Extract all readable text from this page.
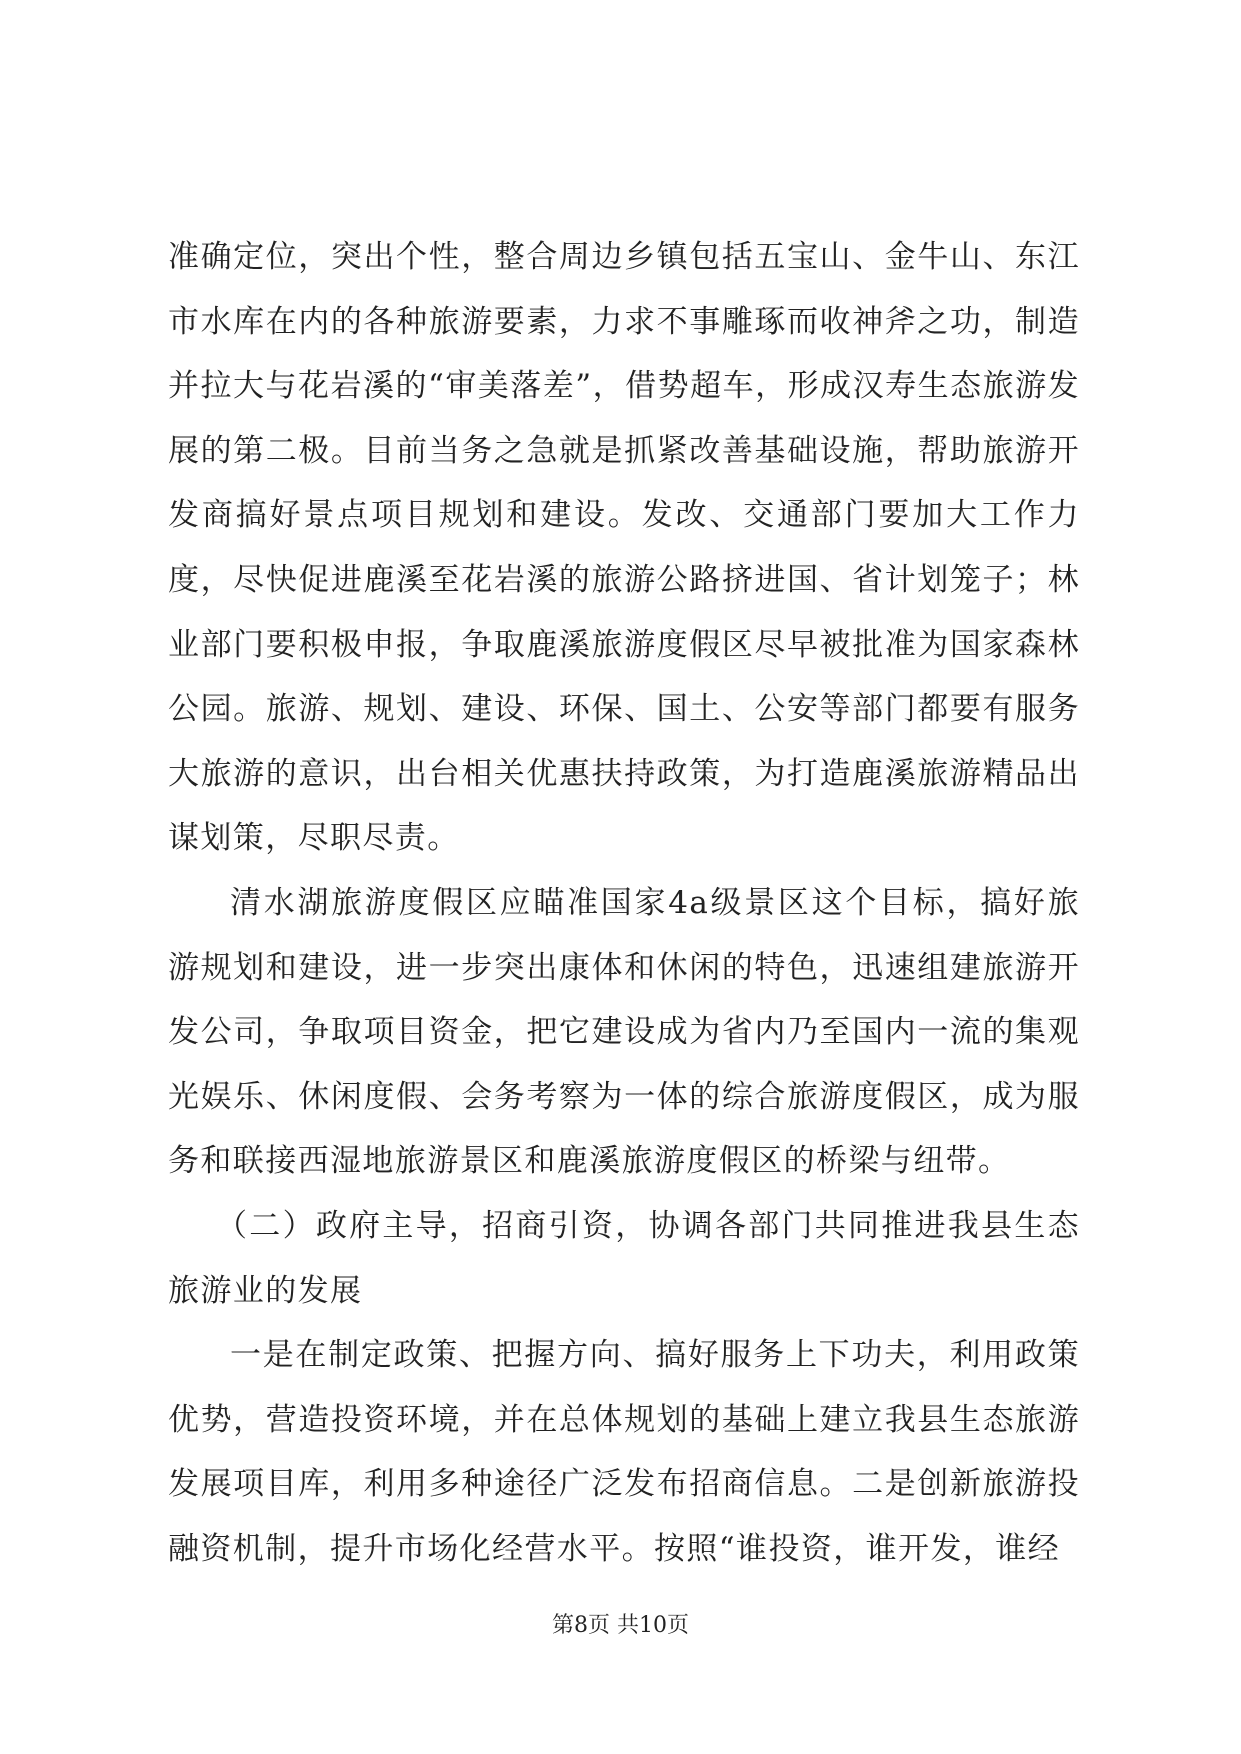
准确定位，突出个性，整合周边乡镇包括五宝山、金牛山、东江市水库在内的各种旅游要素，力求不事雕琢而收神斧之功，制造并拉大与花岩溪的“审美落差”，借势超车，形成汉寿生态旅游发展的第二极。目前当务之急就是抓紧改善基础设施，帮助旅游开发商搞好景点项目规划和建设。发改、交通部门要加大工作力度，尽快促进鹿溪至花岩溪的旅游公路挤进国、省计划笼子；林业部门要积极申报，争取鹿溪旅游度假区尽早被批准为国家森林公园。旅游、规划、建设、环保、国土、公安等部门都要有服务大旅游的意识，出台相关优惠扶持政策，为打造鹿溪旅游精品出谋划策，尽职尽责。

清水湖旅游度假区应瞄准国家4a级景区这个目标，搞好旅游规划和建设，进一步突出康体和休闲的特色，迅速组建旅游开发公司，争取项目资金，把它建设成为省内乃至国内一流的集观光娱乐、休闲度假、会务考察为一体的综合旅游度假区，成为服务和联接西湿地旅游景区和鹿溪旅游度假区的桥梁与纽带。

（二）政府主导，招商引资，协调各部门共同推进我县生态旅游业的发展

一是在制定政策、把握方向、搞好服务上下功夫，利用政策优势，营造投资环境，并在总体规划的基础上建立我县生态旅游发展项目库，利用多种途径广泛发布招商信息。二是创新旅游投融资机制，提升市场化经营水平。按照“谁投资，谁开发，谁经

第8页 共10页
